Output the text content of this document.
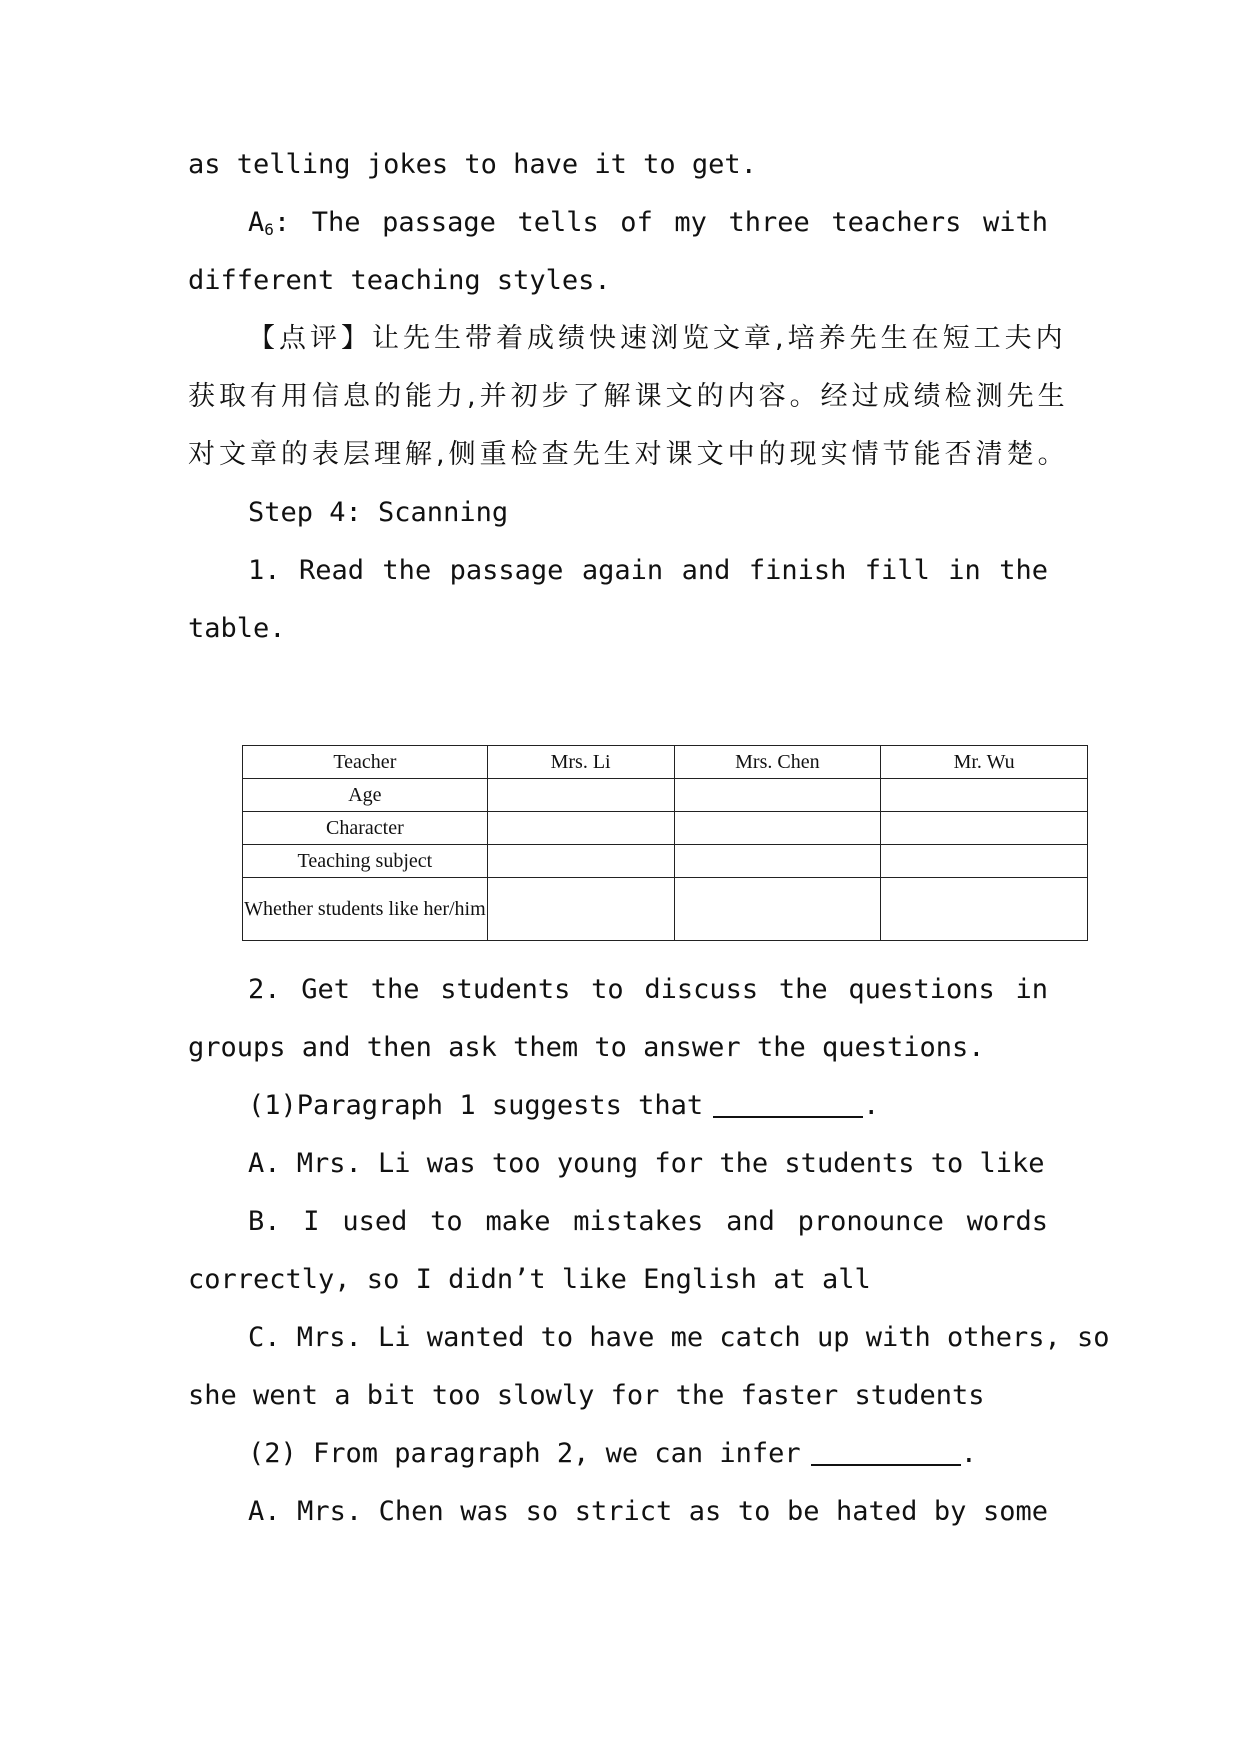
as telling jokes to have it to get.
$A_6$: The passage tells of my three teachers with
different teaching styles.
【点评】让先生带着成绩快速浏览文章,培养先生在短工夫内
获取有用信息的能力,并初步了解课文的内容。经过成绩检测先生
对文章的表层理解,侧重检查先生对课文中的现实情节能否清楚。
Step 4: Scanning
1. Read the passage again and finish fill in the
table.
Teacher	Mrs. Li	Mrs. Chen	Mr. Wu
Age			
Character			
Teaching subject			
Whether students like her/him			
2. Get the students to discuss the questions in
groups and then ask them to answer the questions.
(1)Paragraph 1 suggests that	.
A. Mrs. Li was too young for the students to like
B. I used to make mistakes and pronounce words
correctly, so I didn’t like English at all
C. Mrs. Li wanted to have me catch up with others, so
she went a bit too slowly for the faster students
(2) From paragraph 2, we can infer	.
A. Mrs. Chen was so strict as to be hated by some
